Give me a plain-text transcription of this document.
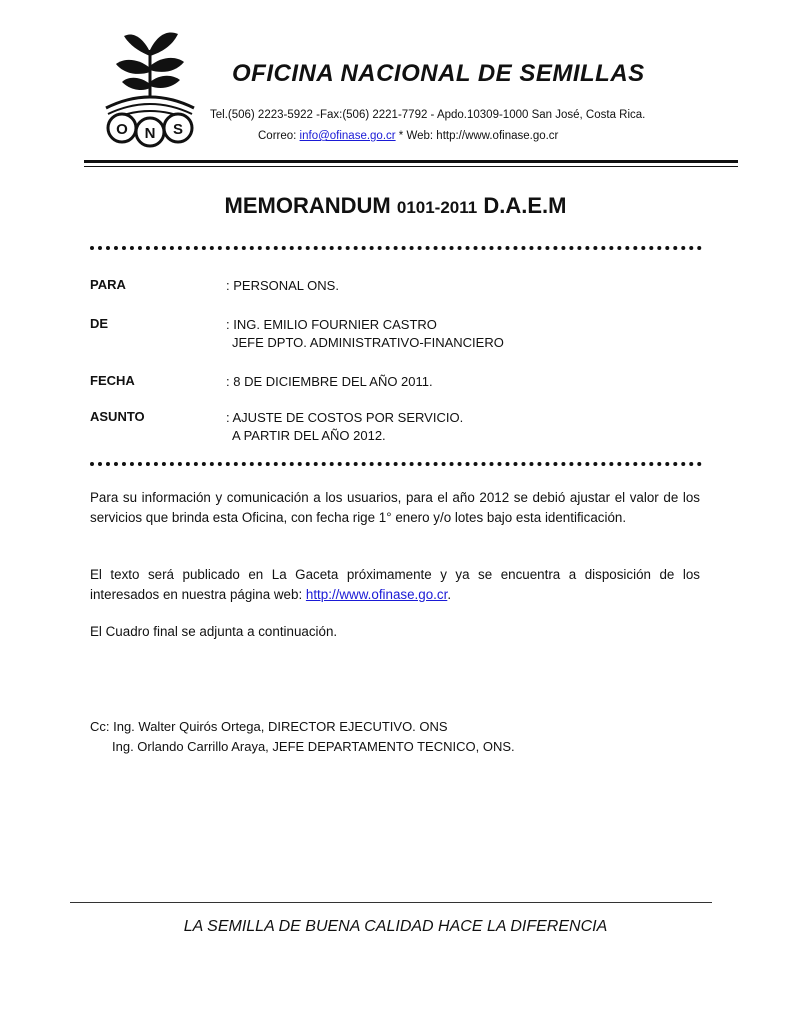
O N S
OFICINA NACIONAL DE SEMILLAS
Tel.(506) 2223-5922 -Fax:(506) 2221-7792 - Apdo.10309-1000 San José, Costa Rica.
Correo: info@ofinase.go.cr * Web: http://www.ofinase.go.cr
MEMORANDUM 0101-2011 D.A.E.M
PARA	: PERSONAL ONS.
DE	: ING. EMILIO FOURNIER CASTRO
JEFE DPTO. ADMINISTRATIVO-FINANCIERO
FECHA	: 8 DE DICIEMBRE DEL AÑO 2011.
ASUNTO	: AJUSTE DE COSTOS POR SERVICIO.
A PARTIR DEL AÑO 2012.
Para su información y comunicación a los usuarios, para el año 2012 se debió ajustar el valor de los servicios que brinda esta Oficina, con fecha rige 1° enero y/o lotes bajo esta identificación.
El texto será publicado en La Gaceta próximamente y ya se encuentra a disposición de los interesados en nuestra página web: http://www.ofinase.go.cr.
El Cuadro final se adjunta a continuación.
Cc: Ing. Walter Quirós Ortega, DIRECTOR EJECUTIVO. ONS
Ing. Orlando Carrillo Araya, JEFE DEPARTAMENTO TECNICO, ONS.
LA SEMILLA DE BUENA CALIDAD HACE LA DIFERENCIA
